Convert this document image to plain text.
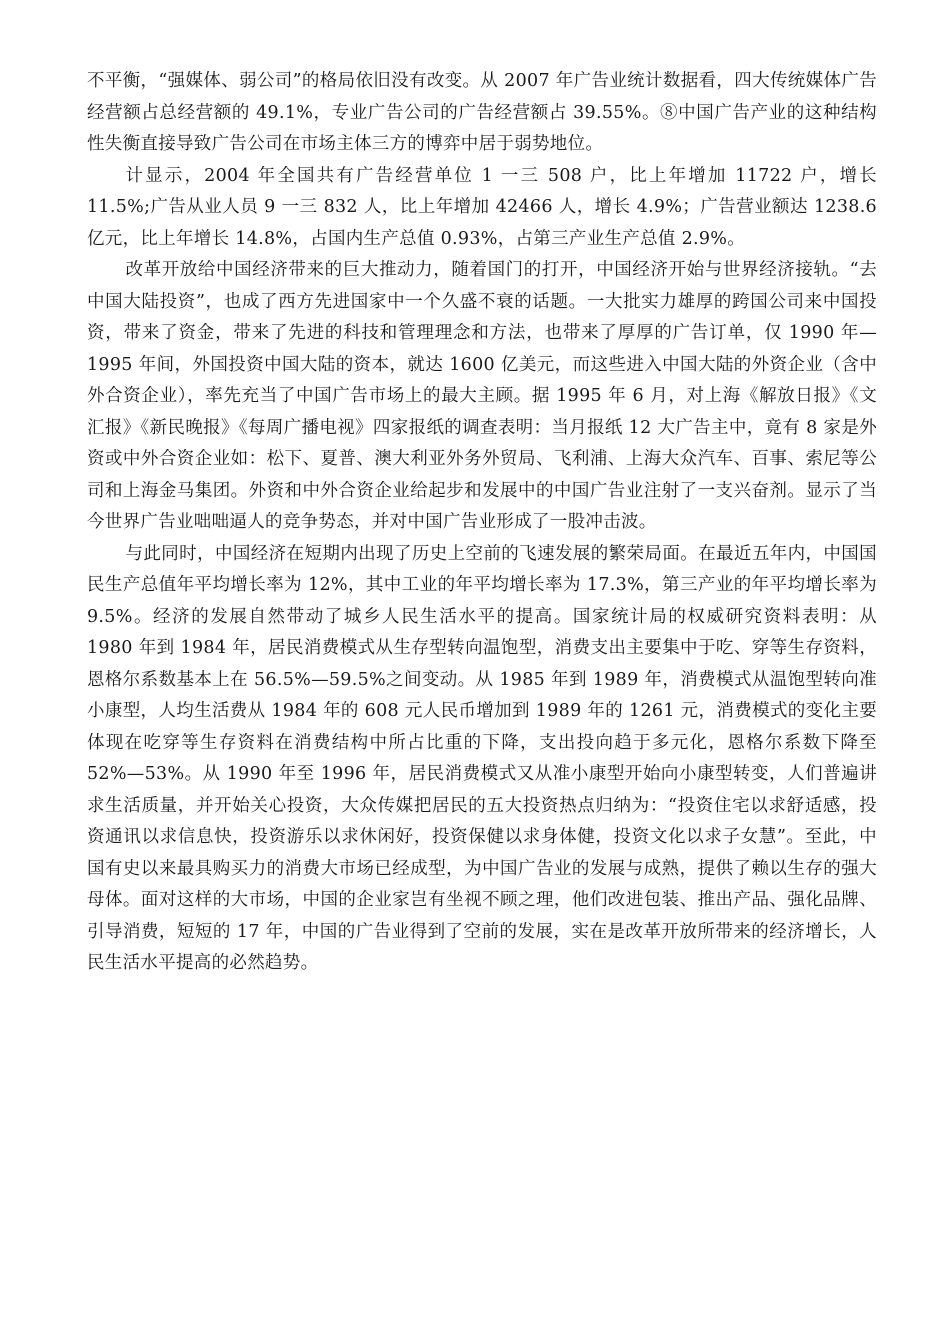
不平衡，“强媒体、弱公司”的格局依旧没有改变。从 2007 年广告业统计数据看，四大传统媒体广告经营额占总经营额的 49.1%，专业广告公司的广告经营额占 39.55%。⑧中国广告产业的这种结构性失衡直接导致广告公司在市场主体三方的博弈中居于弱势地位。

计显示，2004 年全国共有广告经营单位 1 一三 508 户，比上年增加 11722 户，增长 11.5%;广告从业人员 9 一三 832 人，比上年增加 42466 人，增长 4.9%；广告营业额达 1238.6 亿元，比上年增长 14.8%，占国内生产总值 0.93%，占第三产业生产总值 2.9%。

改革开放给中国经济带来的巨大推动力，随着国门的打开，中国经济开始与世界经济接轨。“去中国大陆投资”，也成了西方先进国家中一个久盛不衰的话题。一大批实力雄厚的跨国公司来中国投资，带来了资金，带来了先进的科技和管理理念和方法，也带来了厚厚的广告订单，仅 1990 年—1995 年间，外国投资中国大陆的资本，就达 1600 亿美元，而这些进入中国大陆的外资企业（含中外合资企业），率先充当了中国广告市场上的最大主顾。据 1995 年 6 月，对上海《解放日报》《文汇报》《新民晚报》《每周广播电视》四家报纸的调查表明：当月报纸 12 大广告主中，竟有 8 家是外资或中外合资企业如：松下、夏普、澳大利亚外务外贸局、飞利浦、上海大众汽车、百事、索尼等公司和上海金马集团。外资和中外合资企业给起步和发展中的中国广告业注射了一支兴奋剂。显示了当今世界广告业咄咄逼人的竞争势态，并对中国广告业形成了一股冲击波。

与此同时，中国经济在短期内出现了历史上空前的飞速发展的繁荣局面。在最近五年内，中国国民生产总值年平均增长率为 12%，其中工业的年平均增长率为 17.3%，第三产业的年平均增长率为 9.5%。经济的发展自然带动了城乡人民生活水平的提高。国家统计局的权威研究资料表明：从 1980 年到 1984 年，居民消费模式从生存型转向温饱型，消费支出主要集中于吃、穿等生存资料，恩格尔系数基本上在 56.5%—59.5%之间变动。从 1985 年到 1989 年，消费模式从温饱型转向准小康型，人均生活费从 1984 年的 608 元人民币增加到 1989 年的 1261 元，消费模式的变化主要体现在吃穿等生存资料在消费结构中所占比重的下降，支出投向趋于多元化，恩格尔系数下降至 52%—53%。从 1990 年至 1996 年，居民消费模式又从准小康型开始向小康型转变，人们普遍讲求生活质量，并开始关心投资，大众传媒把居民的五大投资热点归纳为：“投资住宅以求舒适感，投资通讯以求信息快，投资游乐以求休闲好，投资保健以求身体健，投资文化以求子女慧”。至此，中国有史以来最具购买力的消费大市场已经成型，为中国广告业的发展与成熟，提供了赖以生存的强大母体。面对这样的大市场，中国的企业家岂有坐视不顾之理，他们改进包装、推出产品、强化品牌、引导消费，短短的 17 年，中国的广告业得到了空前的发展，实在是改革开放所带来的经济增长，人民生活水平提高的必然趋势。
